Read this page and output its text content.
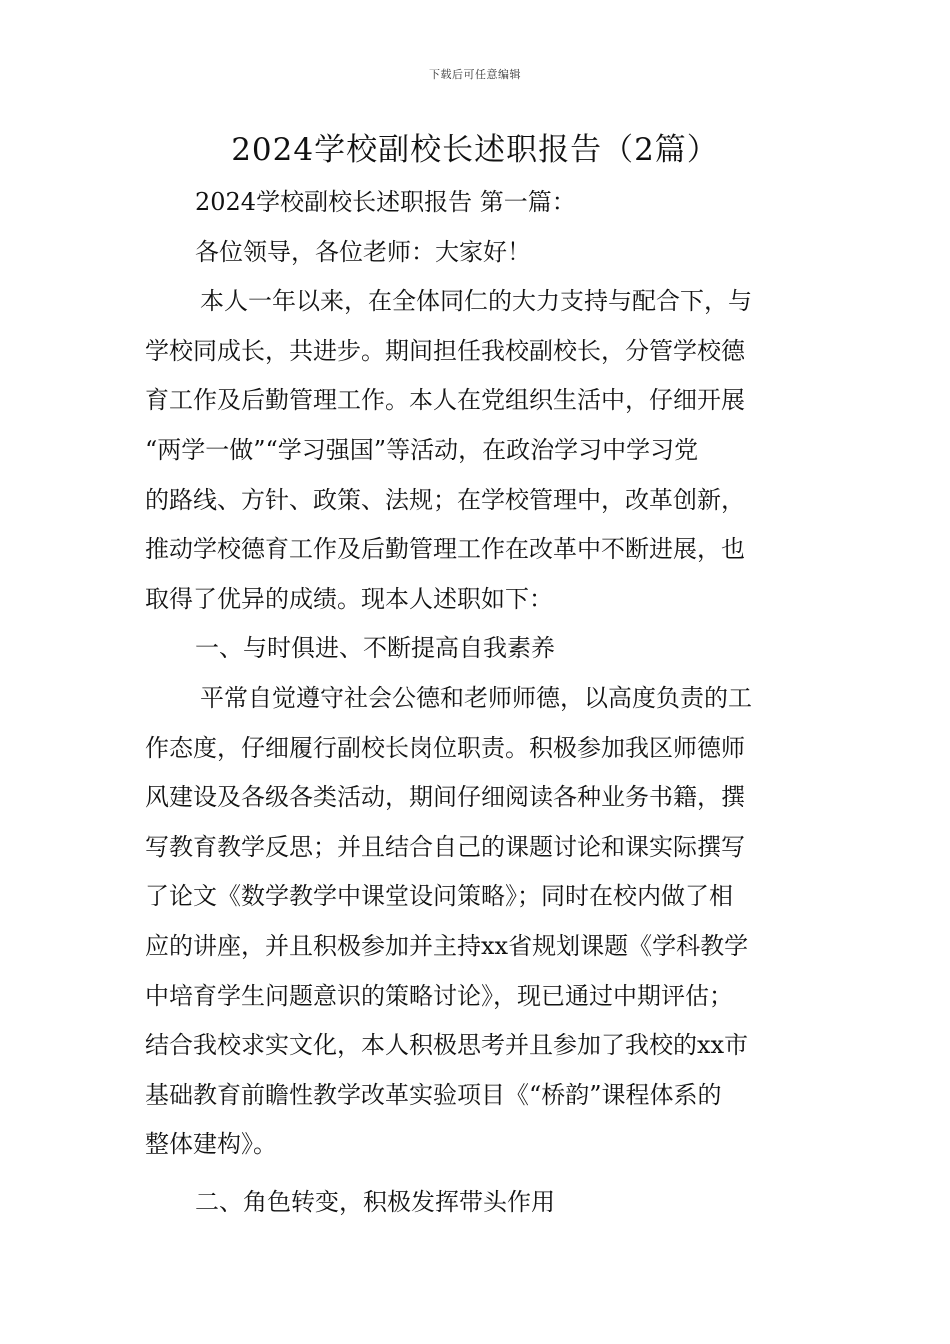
下载后可任意编辑
2024学校副校长述职报告（2篇）
2024学校副校长述职报告 第一篇：
各位领导，各位老师：大家好！
本人一年以来，在全体同仁的大力支持与配合下，与
学校同成长，共进步。期间担任我校副校长，分管学校德
育工作及后勤管理工作。本人在党组织生活中，仔细开展
“两学一做”“学习强国”等活动，在政治学习中学习党
的路线、方针、政策、法规；在学校管理中，改革创新，
推动学校德育工作及后勤管理工作在改革中不断进展，也
取得了优异的成绩。现本人述职如下：
一、与时俱进、不断提高自我素养
平常自觉遵守社会公德和老师师德，以高度负责的工
作态度，仔细履行副校长岗位职责。积极参加我区师德师
风建设及各级各类活动，期间仔细阅读各种业务书籍，撰
写教育教学反思；并且结合自己的课题讨论和课实际撰写
了论文《数学教学中课堂设问策略》；同时在校内做了相
应的讲座，并且积极参加并主持xx省规划课题《学科教学
中培育学生问题意识的策略讨论》，现已通过中期评估；
结合我校求实文化，本人积极思考并且参加了我校的xx市
基础教育前瞻性教学改革实验项目《“桥韵”课程体系的
整体建构》。
二、角色转变，积极发挥带头作用
